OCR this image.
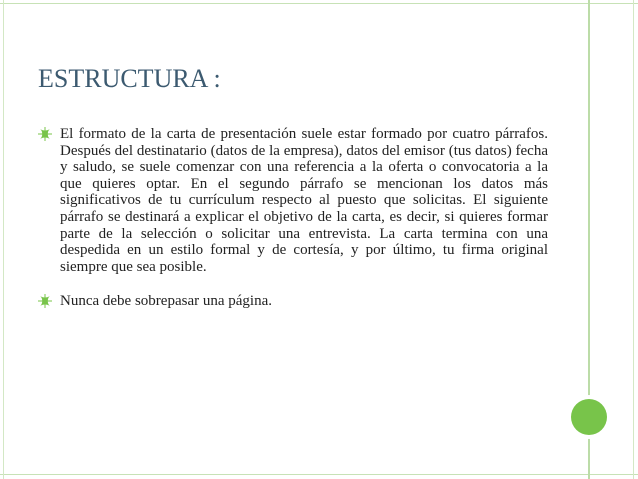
ESTRUCTURA :
El formato de la carta de presentación suele estar formado por cuatro párrafos. Después del destinatario (datos de la empresa), datos del emisor (tus datos) fecha y saludo, se suele comenzar con una referencia a la oferta o convocatoria a la que quieres optar. En el segundo párrafo se mencionan los datos más significativos de tu currículum respecto al puesto que solicitas. El siguiente párrafo se destinará a explicar el objetivo de la carta, es decir, si quieres formar parte de la selección o solicitar una entrevista. La carta termina con una despedida en un estilo formal y de cortesía, y por último, tu firma original siempre que sea posible.
Nunca debe sobrepasar una página.
